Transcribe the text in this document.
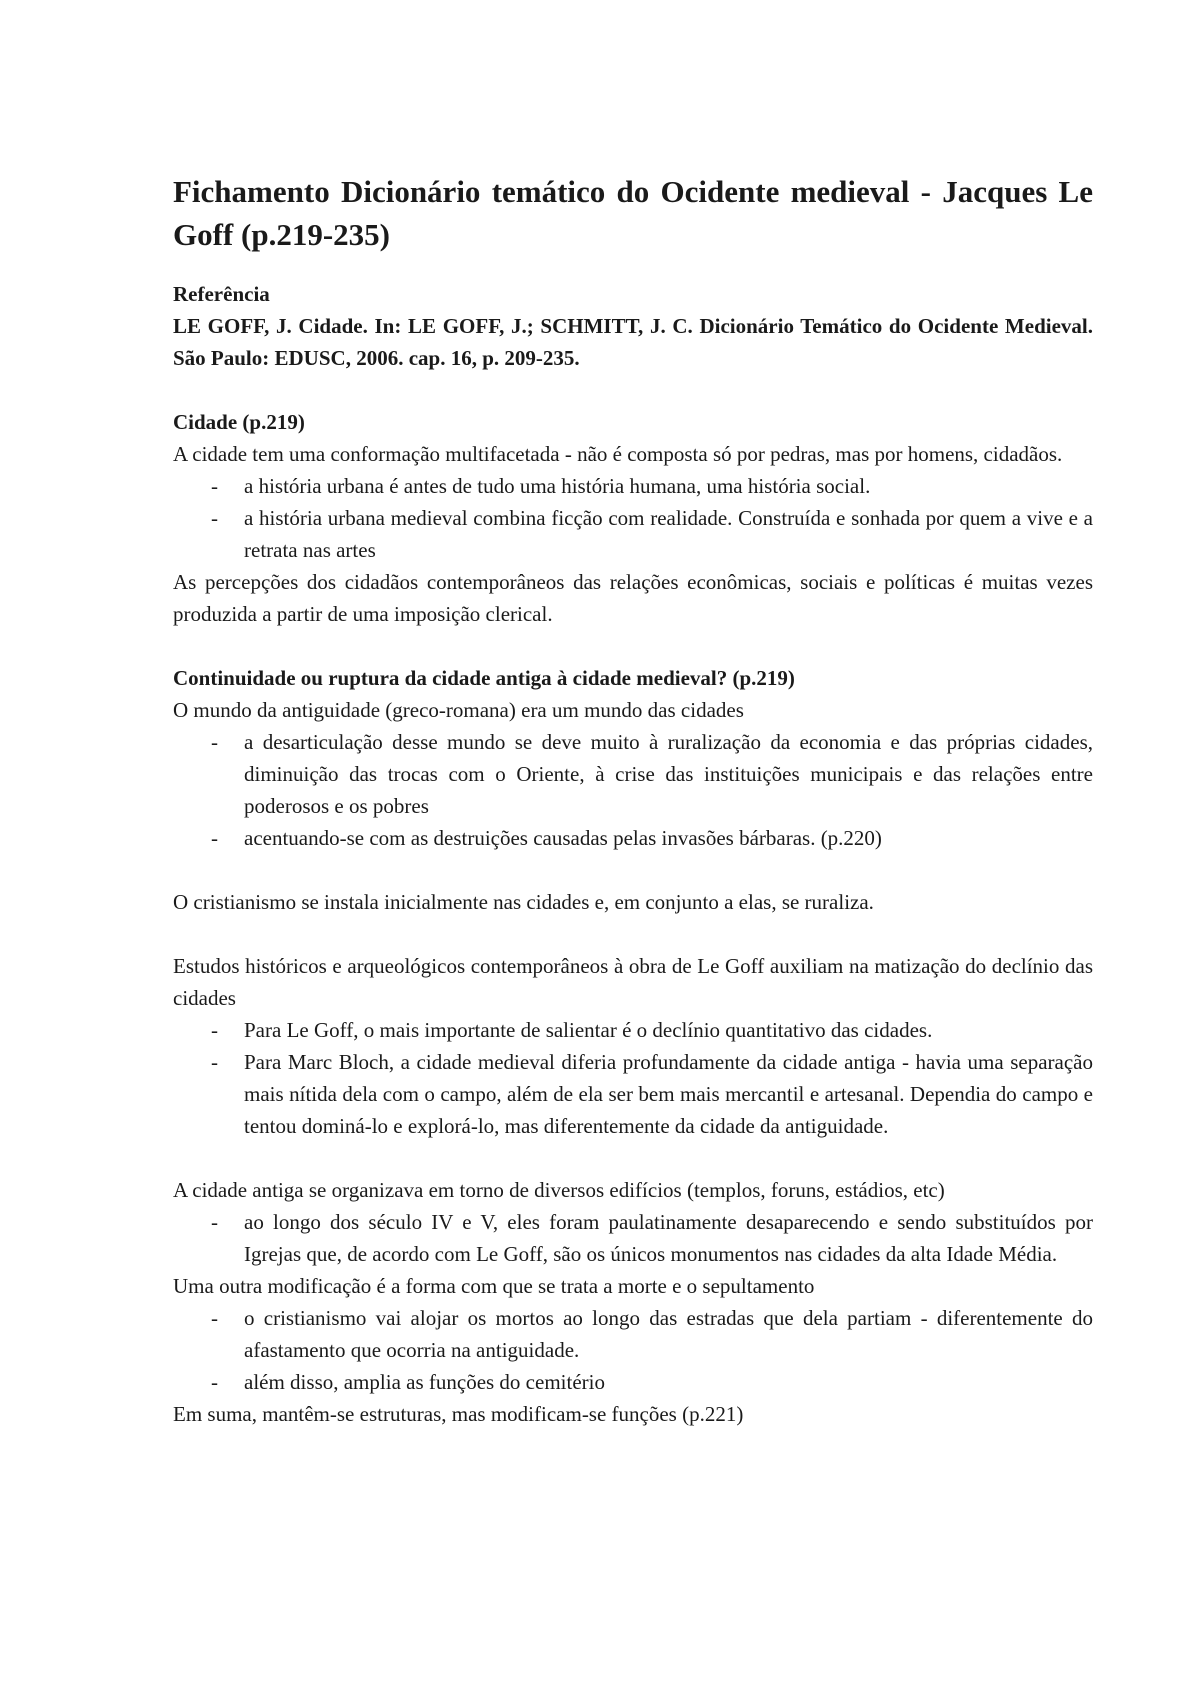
Fichamento Dicionário temático do Ocidente medieval - Jacques Le Goff (p.219-235)
Referência
LE GOFF, J. Cidade. In: LE GOFF, J.; SCHMITT, J. C. Dicionário Temático do Ocidente Medieval. São Paulo: EDUSC, 2006. cap. 16, p. 209-235.
Cidade (p.219)
A cidade tem uma conformação multifacetada - não é composta só por pedras, mas por homens, cidadãos.
- a história urbana é antes de tudo uma história humana, uma história social.
- a história urbana medieval combina ficção com realidade. Construída e sonhada por quem a vive e a retrata nas artes
As percepções dos cidadãos contemporâneos das relações econômicas, sociais e políticas é muitas vezes produzida a partir de uma imposição clerical.
Continuidade ou ruptura da cidade antiga à cidade medieval? (p.219)
O mundo da antiguidade (greco-romana) era um mundo das cidades
- a desarticulação desse mundo se deve muito à ruralização da economia e das próprias cidades, diminuição das trocas com o Oriente, à crise das instituições municipais e das relações entre poderosos e os pobres
- acentuando-se com as destruições causadas pelas invasões bárbaras. (p.220)
O cristianismo se instala inicialmente nas cidades e, em conjunto a elas, se ruraliza.
Estudos históricos e arqueológicos contemporâneos à obra de Le Goff auxiliam na matização do declínio das cidades
- Para Le Goff, o mais importante de salientar é o declínio quantitativo das cidades.
- Para Marc Bloch, a cidade medieval diferia profundamente da cidade antiga - havia uma separação mais nítida dela com o campo, além de ela ser bem mais mercantil e artesanal. Dependia do campo e tentou dominá-lo e explorá-lo, mas diferentemente da cidade da antiguidade.
A cidade antiga se organizava em torno de diversos edifícios (templos, foruns, estádios, etc)
- ao longo dos século IV e V, eles foram paulatinamente desaparecendo e sendo substituídos por Igrejas que, de acordo com Le Goff, são os únicos monumentos nas cidades da alta Idade Média.
Uma outra modificação é a forma com que se trata a morte e o sepultamento
- o cristianismo vai alojar os mortos ao longo das estradas que dela partiam - diferentemente do afastamento que ocorria na antiguidade.
- além disso, amplia as funções do cemitério
Em suma, mantêm-se estruturas, mas modificam-se funções (p.221)
